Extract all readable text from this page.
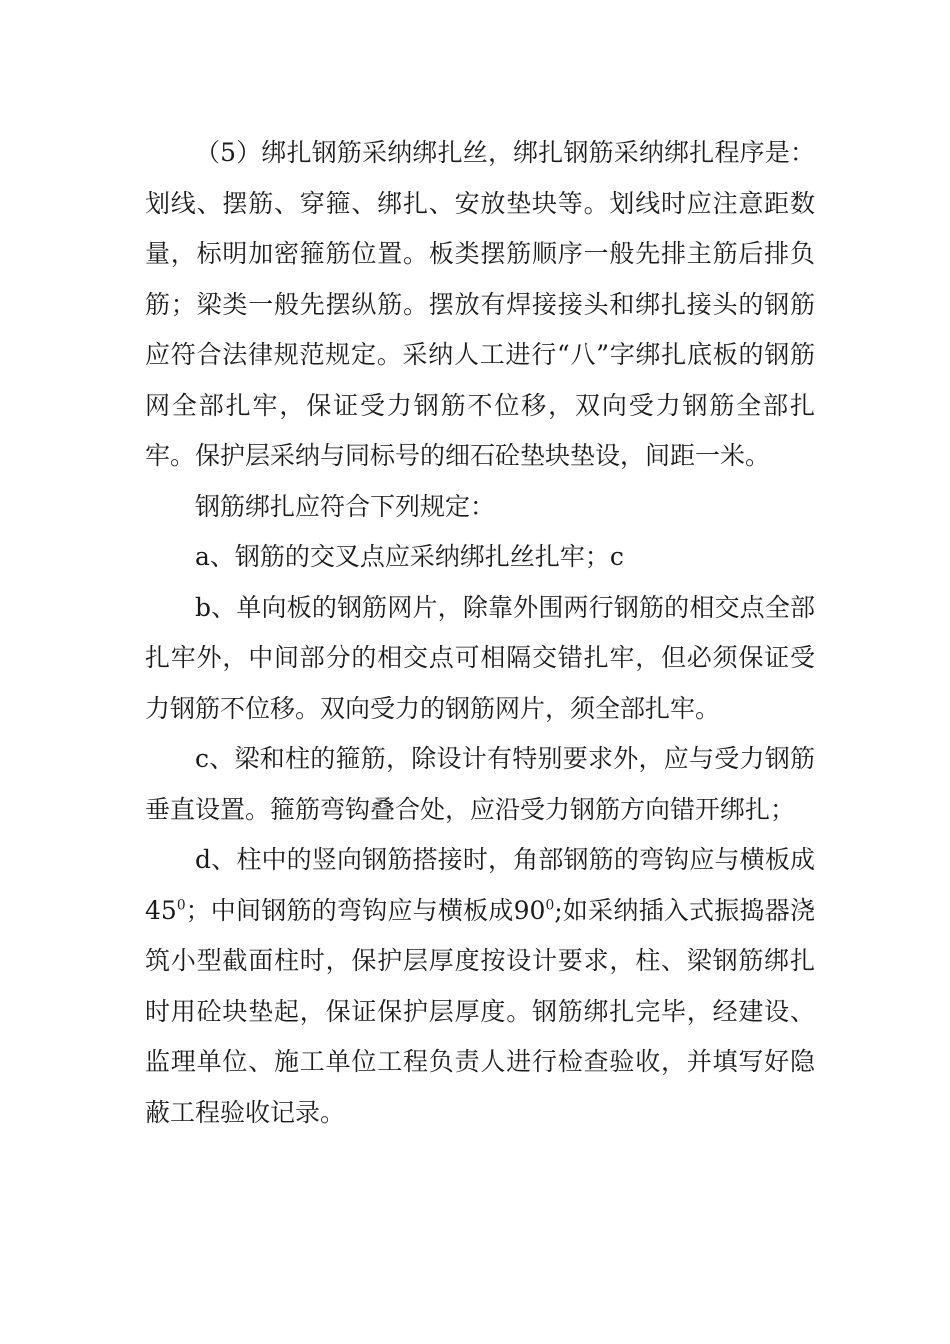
（5）绑扎钢筋采纳绑扎丝，绑扎钢筋采纳绑扎程序是：划线、摆筋、穿箍、绑扎、安放垫块等。划线时应注意距数量，标明加密箍筋位置。板类摆筋顺序一般先排主筋后排负筋；梁类一般先摆纵筋。摆放有焊接接头和绑扎接头的钢筋应符合法律规范规定。采纳人工进行“八”字绑扎底板的钢筋网全部扎牢，保证受力钢筋不位移，双向受力钢筋全部扎牢。保护层采纳与同标号的细石砼垫块垫设，间距一米。

钢筋绑扎应符合下列规定：

a、钢筋的交叉点应采纳绑扎丝扎牢；c

b、单向板的钢筋网片，除靠外围两行钢筋的相交点全部扎牢外，中间部分的相交点可相隔交错扎牢，但必须保证受力钢筋不位移。双向受力的钢筋网片，须全部扎牢。

c、梁和柱的箍筋，除设计有特别要求外，应与受力钢筋垂直设置。箍筋弯钩叠合处，应沿受力钢筋方向错开绑扎；

d、柱中的竖向钢筋搭接时，角部钢筋的弯钩应与横板成$45^0$；中间钢筋的弯钩应与横板成$90^0$;如采纳插入式振捣器浇筑小型截面柱时，保护层厚度按设计要求，柱、梁钢筋绑扎时用砼块垫起，保证保护层厚度。钢筋绑扎完毕，经建设、监理单位、施工单位工程负责人进行检查验收，并填写好隐蔽工程验收记录。
